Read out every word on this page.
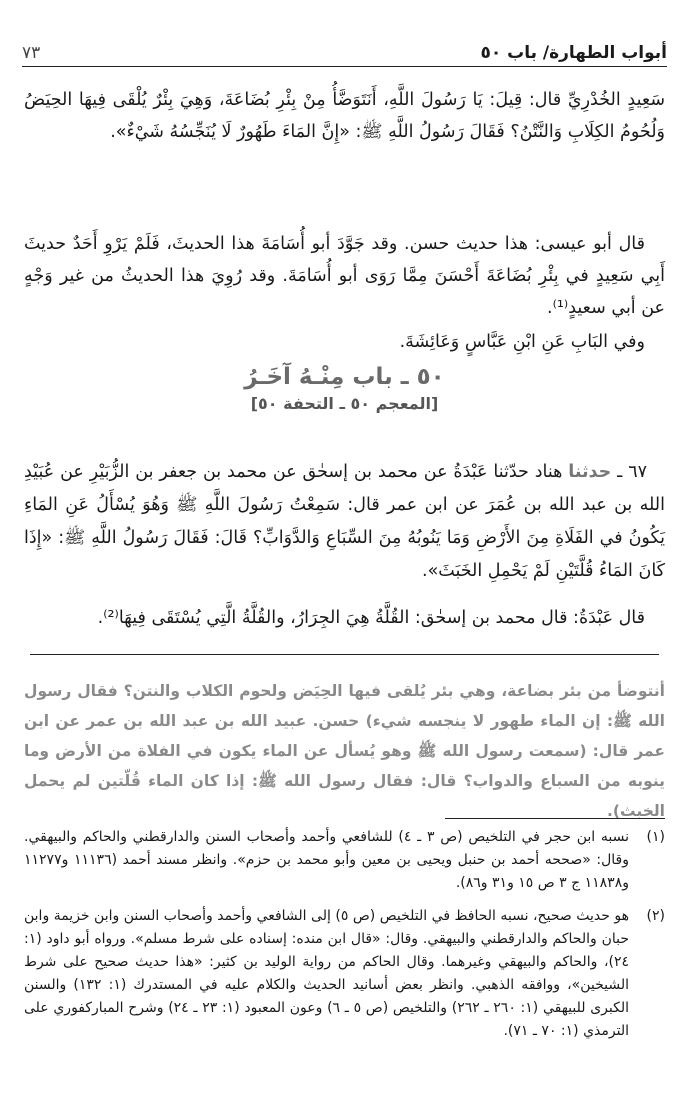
أبواب الطهارة/ باب ٥٠
٧٣
سَعِيدٍ الخُدْرِيِّ قال: قِيلَ: يَا رَسُولَ اللَّهِ، أَنَتَوَضَّأُ مِنْ بِئْرِ بُضَاعَةَ، وَهِيَ بِئْرٌ يُلْقَى فِيهَا الحِيَضُ وَلُحُومُ الكِلَابِ وَالنَّتْنُ؟ فَقَالَ رَسُولُ اللَّهِ ﷺ: «إِنَّ المَاءَ طَهُورٌ لَا يُنَجِّسُهُ شَيْءٌ».
قال أبو عيسى: هذا حديث حسن. وقد جَوَّدَ أبو أُسَامَةَ هذا الحديثَ، فَلَمْ يَرْوِ أَحَدٌ حديثَ أَبِي سَعِيدٍ في بِئْرِ بُضَاعَةَ أَحْسَنَ مِمَّا رَوَى أبو أُسَامَةَ. وقد رُوِيَ هذا الحديثُ من غير وَجْهٍ عن أبي سعيدٍ⁽¹⁾.
وفي البَابِ عَنِ ابْنِ عَبَّاسٍ وَعَائِشَةَ.
٥٠ ـ باب مِنْـهُ آخَـرُ
[المعجم ٥٠ ـ التحفة ٥٠]
٦٧ ـ حدثنا هناد حدّثنا عَبْدَةُ عن محمد بن إسحٰق عن محمد بن جعفر بن الزُّبَيْرِ عن عُبَيْدِ الله بن عبد الله بن عُمَرَ عن ابن عمر قال: سَمِعْتُ رَسُولَ اللَّهِ ﷺ وَهُوَ يُسْأَلُ عَنِ المَاءِ يَكُونُ في الفَلَاةِ مِنَ الأَرْضِ وَمَا يَنُوبُهُ مِنَ السِّبَاعِ وَالدَّوَابِّ؟ قَالَ: فَقَالَ رَسُولُ اللَّهِ ﷺ: «إِذَا كَانَ المَاءُ قُلَّتَيْنِ لَمْ يَحْمِلِ الخَبَثَ».
قال عَبْدَةُ: قال محمد بن إسحٰق: القُلَّةُ هِيَ الجِرَارُ، والقُلَّةُ الَّتِي يُسْتَقَى فِيهَا⁽²⁾.
أنتوضأ من بئر بضاعة، وهي بئر يُلقى فيها الحِيَض ولحوم الكلاب والنتن؟ فقال رسول الله ﷺ: إن الماء طهور لا ينجسه شيء) حسن. عبيد الله بن عبد الله بن عمر عن ابن عمر قال: (سمعت رسول الله ﷺ وهو يُسأل عن الماء يكون في الفلاة من الأرض وما ينوبه من السباع والدواب؟ قال: فقال رسول الله ﷺ: إذا كان الماء قُلّتين لم يحمل الخبث).
(١)
نسبه ابن حجر في التلخيص (ص ٣ ـ ٤) للشافعي وأحمد وأصحاب السنن والدارقطني والحاكم والبيهقي. وقال: «صححه أحمد بن حنبل ويحيى بن معين وأبو محمد بن حزم». وانظر مسند أحمد (١١١٣٦ و١١٢٧٧ و١١٨٣٨ ج ٣ ص ١٥ و٣١ و٨٦).
(٢)
هو حديث صحيح، نسبه الحافظ في التلخيص (ص ٥) إلى الشافعي وأحمد وأصحاب السنن وابن خزيمة وابن حبان والحاكم والدارقطني والبيهقي. وقال: «قال ابن منده: إسناده على شرط مسلم». ورواه أبو داود (١: ٢٤)، والحاكم والبيهقي وغيرهما. وقال الحاكم من رواية الوليد بن كثير: «هذا حديث صحيح على شرط الشيخين»، ووافقه الذهبي. وانظر بعض أسانيد الحديث والكلام عليه في المستدرك (١: ١٣٢) والسنن الكبرى للبيهقي (١: ٢٦٠ ـ ٢٦٢) والتلخيص (ص ٥ ـ ٦) وعون المعبود (١: ٢٣ ـ ٢٤) وشرح المباركفوري على الترمذي (١: ٧٠ ـ ٧١).
